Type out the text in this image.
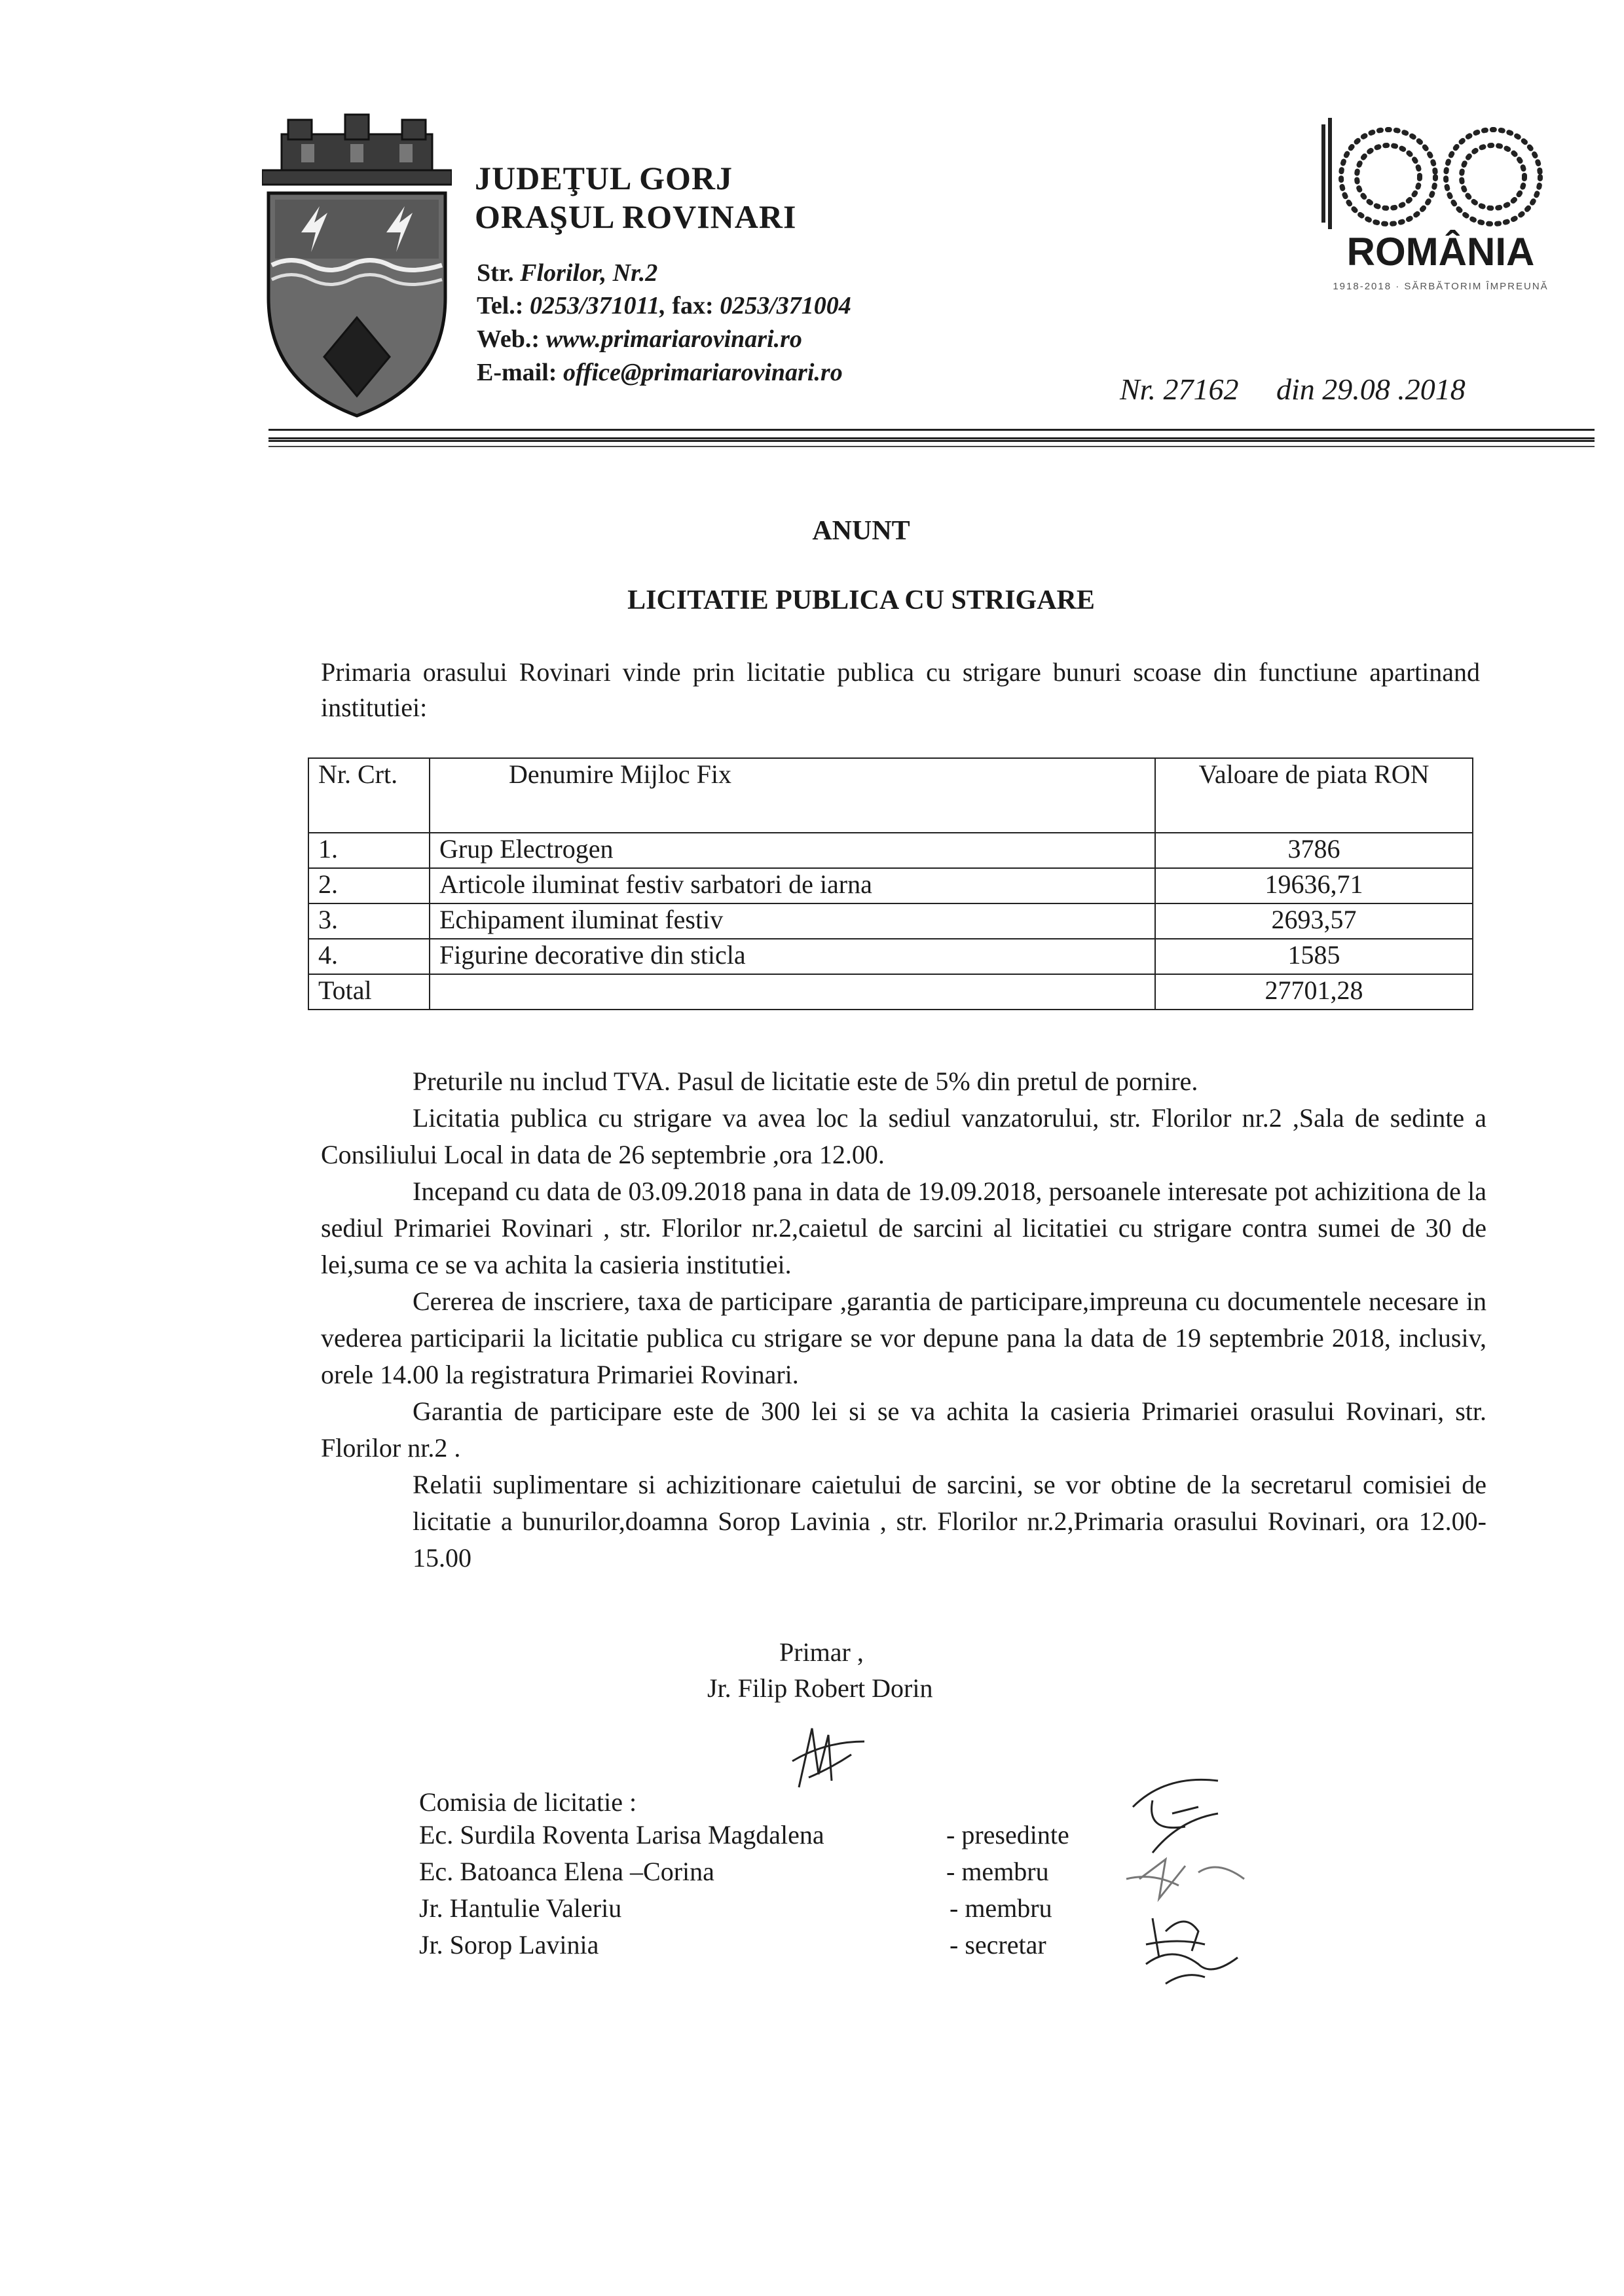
JUDEŢUL GORJ
ORAŞUL ROVINARI
Str. Florilor, Nr.2
Tel.: 0253/371011, fax: 0253/371004
Web.: www.primariarovinari.ro
E-mail: office@primariarovinari.ro
ROMÂNIA
1918-2018 · SĂRBĂTORIM ÎMPREUNĂ
Nr. 27162     din 29.08 .2018
ANUNT
LICITATIE PUBLICA CU STRIGARE
Primaria orasului Rovinari vinde prin licitatie publica cu strigare bunuri scoase din functiune apartinand institutiei:
Nr. Crt.	Denumire Mijloc Fix	Valoare de piata RON
1.	Grup Electrogen	3786
2.	Articole iluminat festiv sarbatori de iarna	19636,71
3.	Echipament iluminat festiv	2693,57
4.	Figurine decorative din sticla	1585
Total		27701,28
Preturile nu includ TVA. Pasul de licitatie este de 5% din pretul de pornire.
Licitatia publica cu strigare va avea loc la sediul vanzatorului, str. Florilor nr.2 ,Sala de sedinte a Consiliului Local in data de 26 septembrie ,ora 12.00.
Incepand cu data de 03.09.2018 pana in data de 19.09.2018, persoanele interesate pot achizitiona de la sediul Primariei Rovinari , str. Florilor nr.2,caietul de sarcini al licitatiei cu strigare contra sumei de 30 de lei,suma ce se va achita la casieria institutiei.
Cererea de inscriere, taxa de participare ,garantia de participare,impreuna cu documentele necesare in vederea participarii la licitatie publica cu strigare se vor depune pana la data de 19 septembrie 2018, inclusiv, orele 14.00 la registratura Primariei Rovinari.
Garantia de participare este de 300 lei si se va achita la casieria Primariei orasului Rovinari, str. Florilor nr.2 .
Relatii suplimentare si achizitionare caietului de sarcini, se vor obtine de la secretarul comisiei de licitatie a bunurilor,doamna Sorop Lavinia , str. Florilor nr.2,Primaria orasului Rovinari, ora 12.00-15.00
Primar ,
Jr. Filip Robert Dorin
Comisia de licitatie :
Ec. Surdila Roventa Larisa Magdalena	- presedinte
Ec. Batoanca Elena –Corina	- membru
Jr. Hantulie Valeriu	- membru
Jr. Sorop Lavinia	- secretar
